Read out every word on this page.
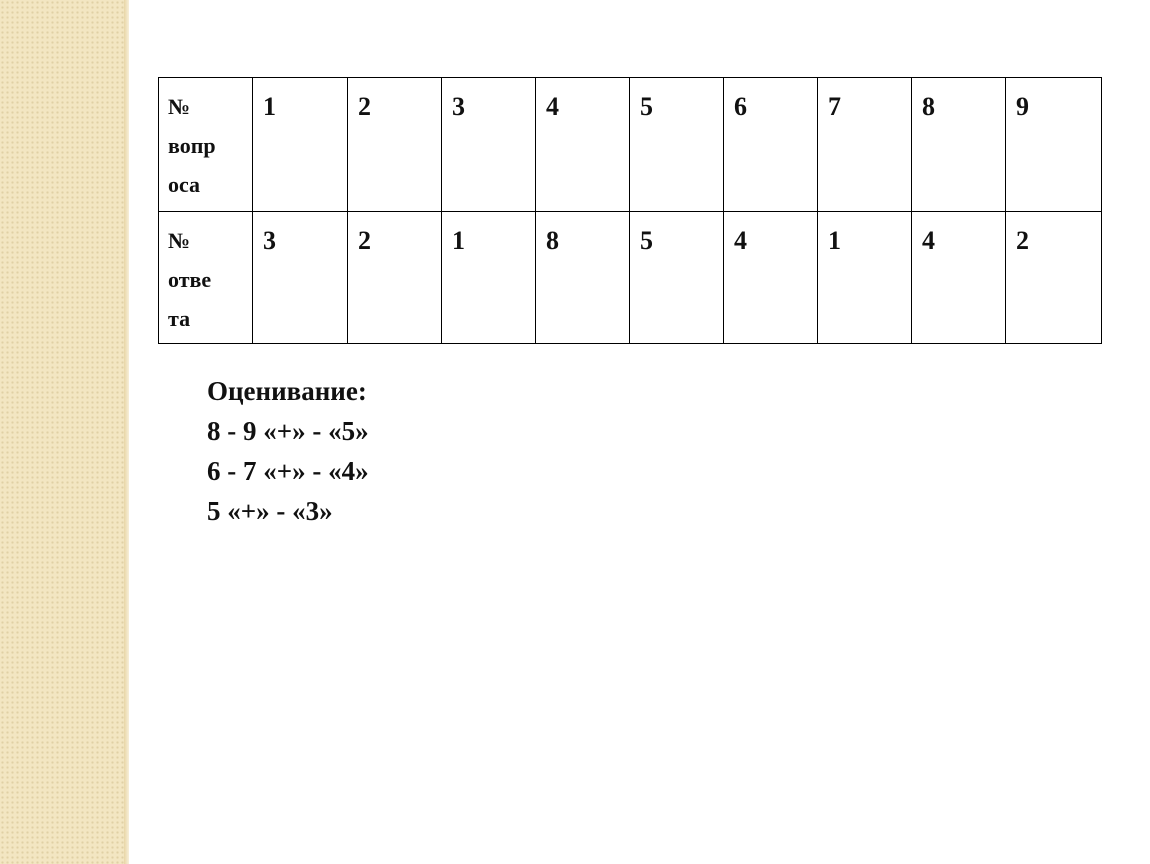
№
вопр
оса	1	2	3	4	5	6	7	8	9

№
отве
та	3	2	1	8	5	4	1	4	2
Оценивание:
8 - 9 «+» - «5»
6 - 7 «+» - «4»
5 «+» - «3»
